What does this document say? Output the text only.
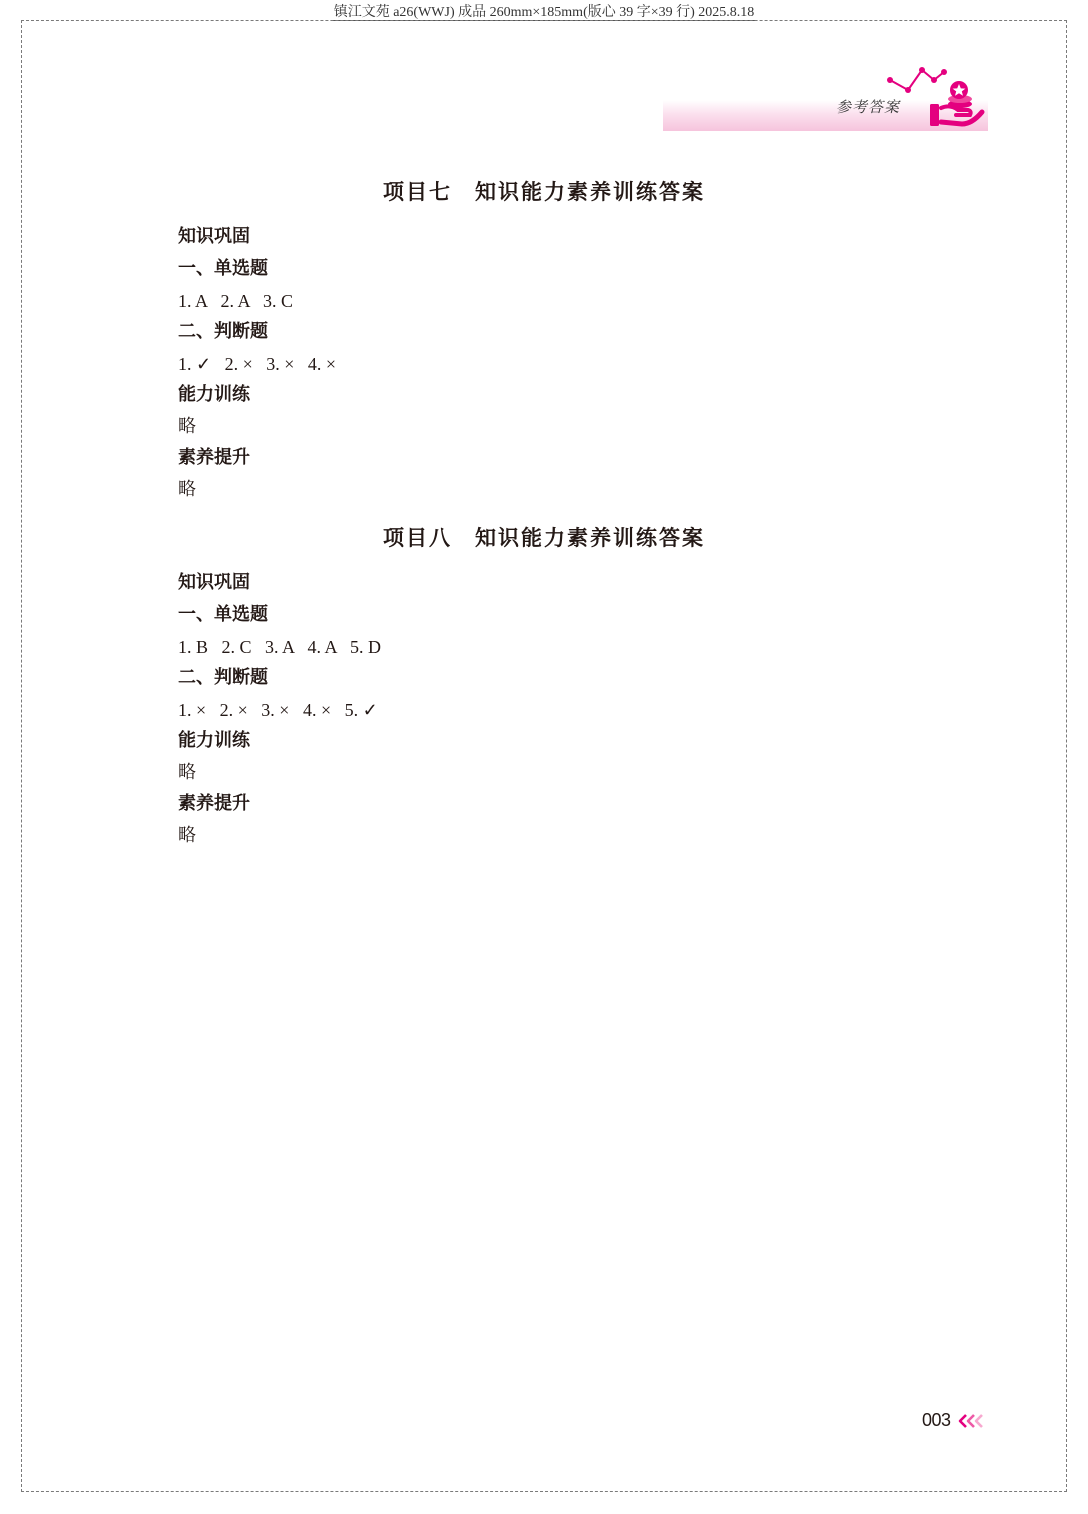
镇江文苑 a26(WWJ) 成品 260mm×185mm(版心 39 字×39 行) 2025.8.18
参考答案
项目七　知识能力素养训练答案
知识巩固
一、单选题
1. A   2. A   3. C
二、判断题
1. ✓   2. ×   3. ×   4. ×
能力训练
略
素养提升
略
项目八　知识能力素养训练答案
知识巩固
一、单选题
1. B   2. C   3. A   4. A   5. D
二、判断题
1. ×   2. ×   3. ×   4. ×   5. ✓
能力训练
略
素养提升
略
003
